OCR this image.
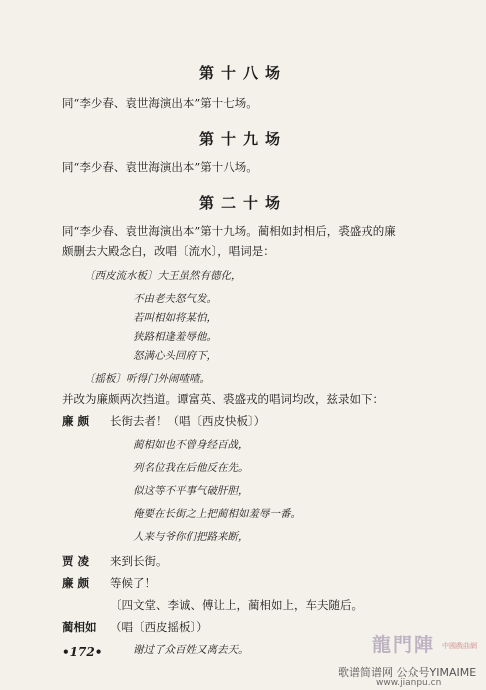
第十八场
同“李少春、袁世海演出本”第十七场。
第十九场
同“李少春、袁世海演出本”第十八场。
第二十场
同“李少春、袁世海演出本”第十九场。蔺相如封相后，裘盛戎的廉
颇删去大殿念白，改唱〔流水〕，唱词是：
〔西皮流水板〕大王虽然有德化，
不由老夫怒气发。
若叫相如将某怕，
狭路相逢羞辱他。
怒满心头回府下，
〔摇板〕听得门外闹喳喳。
并改为廉颇两次挡道。谭富英、裘盛戎的唱词均改，兹录如下：
廉 颇 长街去者！（唱〔西皮快板〕）
蔺相如也不曾身经百战，
列名位我在后他反在先。
似这等不平事气破肝胆，
俺要在长街之上把蔺相如羞辱一番。
人来与爷你们把路来断，
贾 凌 来到长街。
廉 颇 等候了！
〔四文堂、李诚、傅让上，蔺相如上，车夫随后。
蔺相如 （唱〔西皮摇板〕）
谢过了众百姓又离去天。
•172•	龍門陣 中國戲曲網
歌谱简谱网 公众号YIMAIME
www.jianpu.cn
